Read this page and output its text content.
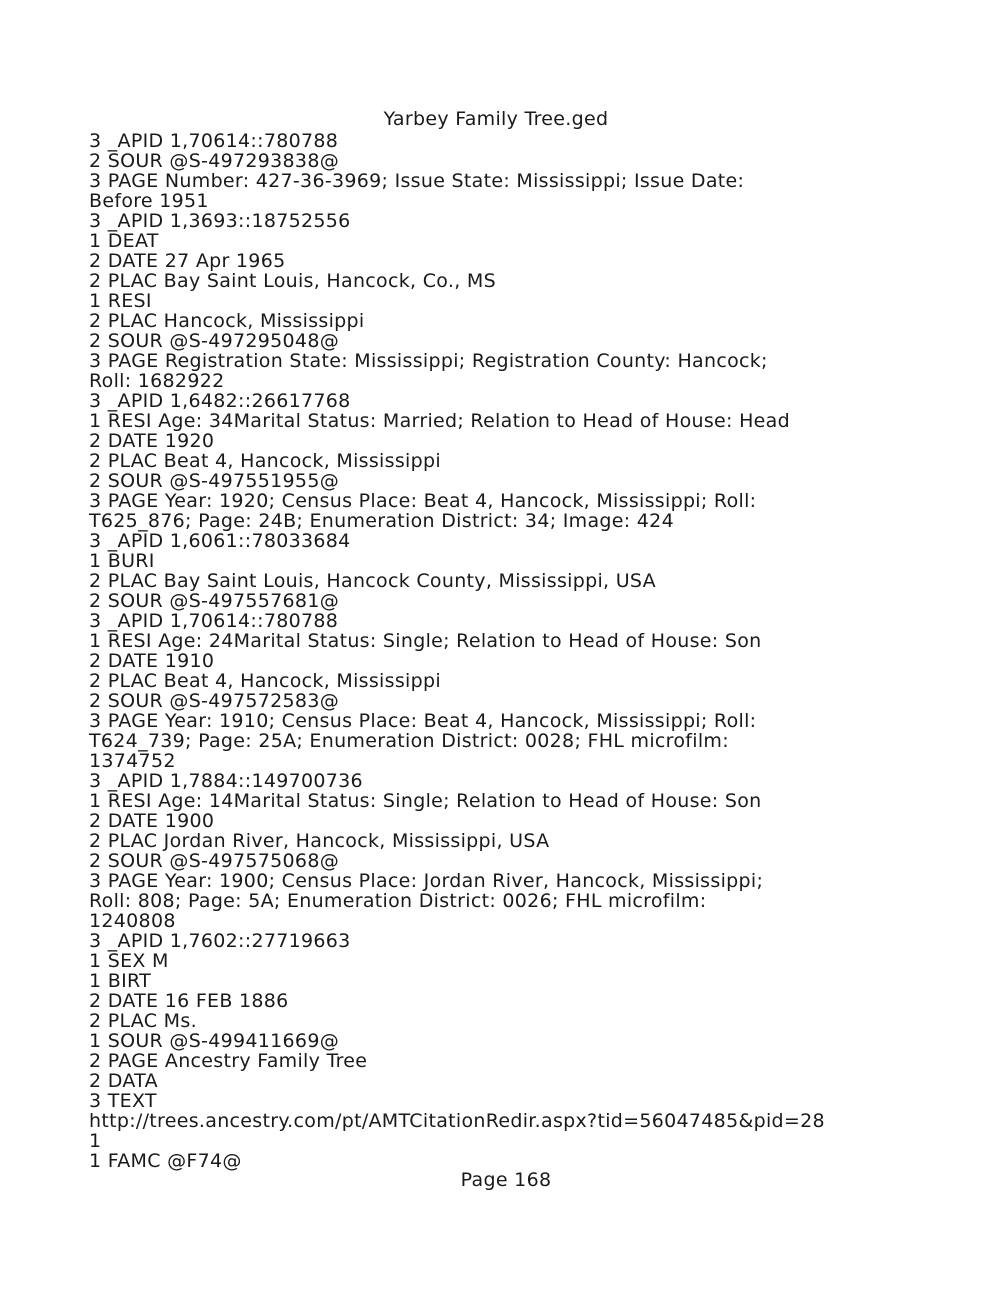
Yarbey Family Tree.ged
3 _APID 1,70614::780788
2 SOUR @S-497293838@
3 PAGE Number: 427-36-3969; Issue State: Mississippi; Issue Date:
Before 1951
3 _APID 1,3693::18752556
1 DEAT
2 DATE 27 Apr 1965
2 PLAC Bay Saint Louis, Hancock, Co., MS
1 RESI
2 PLAC Hancock, Mississippi
2 SOUR @S-497295048@
3 PAGE Registration State: Mississippi; Registration County: Hancock;
Roll: 1682922
3 _APID 1,6482::26617768
1 RESI Age: 34Marital Status: Married; Relation to Head of House: Head
2 DATE 1920
2 PLAC Beat 4, Hancock, Mississippi
2 SOUR @S-497551955@
3 PAGE Year: 1920; Census Place: Beat 4, Hancock, Mississippi; Roll:
T625_876; Page: 24B; Enumeration District: 34; Image: 424
3 _APID 1,6061::78033684
1 BURI
2 PLAC Bay Saint Louis, Hancock County, Mississippi, USA
2 SOUR @S-497557681@
3 _APID 1,70614::780788
1 RESI Age: 24Marital Status: Single; Relation to Head of House: Son
2 DATE 1910
2 PLAC Beat 4, Hancock, Mississippi
2 SOUR @S-497572583@
3 PAGE Year: 1910; Census Place: Beat 4, Hancock, Mississippi; Roll:
T624_739; Page: 25A; Enumeration District: 0028; FHL microfilm:
1374752
3 _APID 1,7884::149700736
1 RESI Age: 14Marital Status: Single; Relation to Head of House: Son
2 DATE 1900
2 PLAC Jordan River, Hancock, Mississippi, USA
2 SOUR @S-497575068@
3 PAGE Year: 1900; Census Place: Jordan River, Hancock, Mississippi;
Roll: 808; Page: 5A; Enumeration District: 0026; FHL microfilm:
1240808
3 _APID 1,7602::27719663
1 SEX M
1 BIRT
2 DATE 16 FEB 1886
2 PLAC Ms.
1 SOUR @S-499411669@
2 PAGE Ancestry Family Tree
2 DATA
3 TEXT
http://trees.ancestry.com/pt/AMTCitationRedir.aspx?tid=56047485&pid=28
1
1 FAMC @F74@
Page 168
